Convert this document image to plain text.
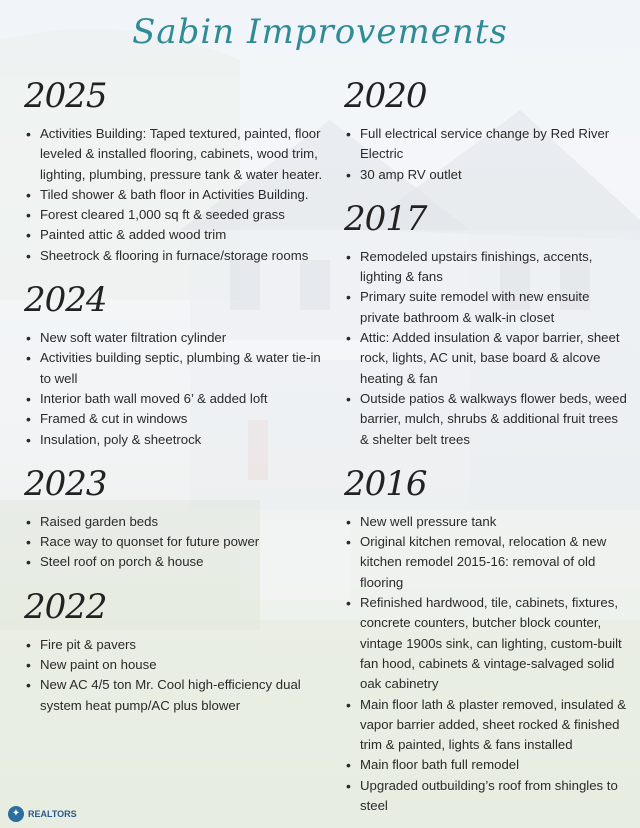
Sabin Improvements
2025
• Activities Building: Taped textured, painted, floor leveled & installed flooring, cabinets, wood trim, lighting, plumbing, pressure tank & water heater.
• Tiled shower & bath floor in Activities Building.
• Forest cleared 1,000 sq ft & seeded grass
• Painted attic & added wood trim
• Sheetrock & flooring in furnace/storage rooms
2024
• New soft water filtration cylinder
• Activities building septic, plumbing & water tie-in to well
• Interior bath wall moved 6’ & added loft
• Framed & cut in windows
• Insulation, poly & sheetrock
2023
• Raised garden beds
• Race way to quonset for future power
• Steel roof on porch & house
2022
• Fire pit & pavers
• New paint on house
• New AC 4/5 ton Mr. Cool high-efficiency dual system heat pump/AC plus blower
2020
• Full electrical service change by Red River Electric
• 30 amp RV outlet
2017
• Remodeled upstairs finishings, accents, lighting & fans
• Primary suite remodel with new ensuite private bathroom & walk-in closet
• Attic: Added insulation & vapor barrier, sheet rock, lights, AC unit, base board & alcove heating & fan
• Outside patios & walkways flower beds, weed barrier, mulch, shrubs & additional fruit trees & shelter belt trees
2016
• New well pressure tank
• Original kitchen removal, relocation & new kitchen remodel 2015-16: removal of old flooring
• Refinished hardwood, tile, cabinets, fixtures, concrete counters, butcher block counter, vintage 1900s sink, can lighting, custom-built fan hood, cabinets & vintage-salvaged solid oak cabinetry
• Main floor lath & plaster removed, insulated & vapor barrier added, sheet rocked & finished trim & painted, lights & fans installed
• Main floor bath full remodel
• Upgraded outbuilding’s roof from shingles to steel
✦ REALTORS
